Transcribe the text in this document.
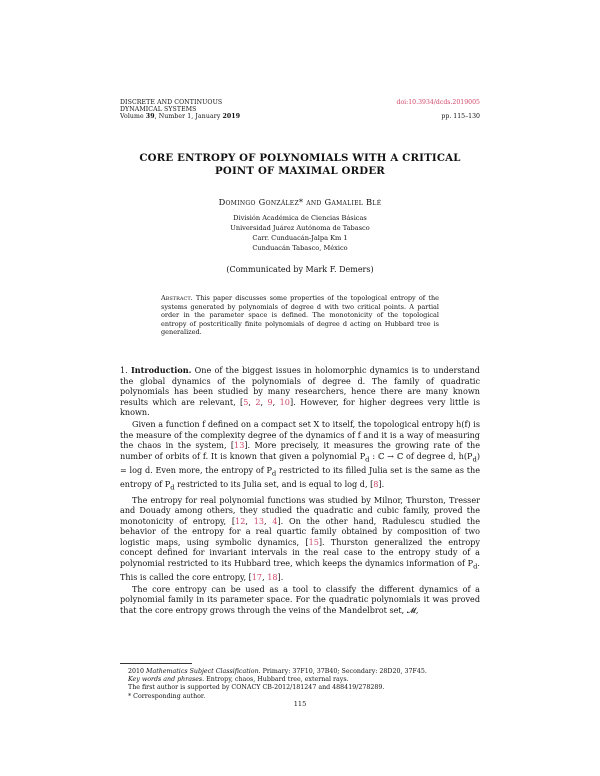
DISCRETE AND CONTINUOUS
DYNAMICAL SYSTEMS
Volume 39, Number 1, January 2019
doi:10.3934/dcds.2019005
pp. 115–130
CORE ENTROPY OF POLYNOMIALS WITH A CRITICAL
POINT OF MAXIMAL ORDER
Domingo González* and Gamaliel Blé
División Académica de Ciencias Básicas
Universidad Juárez Autónoma de Tabasco
Carr. Cunduacán-Jalpa Km 1
Cunduacán Tabasco, México
(Communicated by Mark F. Demers)
Abstract. This paper discusses some properties of the topological entropy of the systems generated by polynomials of degree d with two critical points. A partial order in the parameter space is defined. The monotonicity of the topological entropy of postcritically finite polynomials of degree d acting on Hubbard tree is generalized.

1. Introduction. One of the biggest issues in holomorphic dynamics is to understand the global dynamics of the polynomials of degree d. The family of quadratic polynomials has been studied by many researchers, hence there are many known results which are relevant, [5, 2, 9, 10]. However, for higher degrees very little is known.

Given a function f defined on a compact set X to itself, the topological entropy h(f) is the measure of the complexity degree of the dynamics of f and it is a way of measuring the chaos in the system, [13]. More precisely, it measures the growing rate of the number of orbits of f. It is known that given a polynomial $P_d$ : ℂ → ℂ of degree d, $h(P_d) = \log d$. Even more, the entropy of $P_d$ restricted to its filled Julia set is the same as the entropy of $P_d$ restricted to its Julia set, and is equal to log d, [8].

The entropy for real polynomial functions was studied by Milnor, Thurston, Tresser and Douady among others, they studied the quadratic and cubic family, proved the monotonicity of entropy, [12, 13, 4]. On the other hand, Radulescu studied the behavior of the entropy for a real quartic family obtained by composition of two logistic maps, using symbolic dynamics, [15]. Thurston generalized the entropy concept defined for invariant intervals in the real case to the entropy study of a polynomial restricted to its Hubbard tree, which keeps the dynamics information of $P_d$. This is called the core entropy, [17, 18].

The core entropy can be used as a tool to classify the different dynamics of a polynomial family in its parameter space. For the quadratic polynomials it was proved that the core entropy grows through the veins of the Mandelbrot set, 𝓜,

2010 Mathematics Subject Classification. Primary: 37F10, 37B40; Secondary: 28D20, 37F45.
Key words and phrases. Entropy, chaos, Hubbard tree, external rays.
The first author is supported by CONACY CB-2012/181247 and 488419/278289.
* Corresponding author.
115
